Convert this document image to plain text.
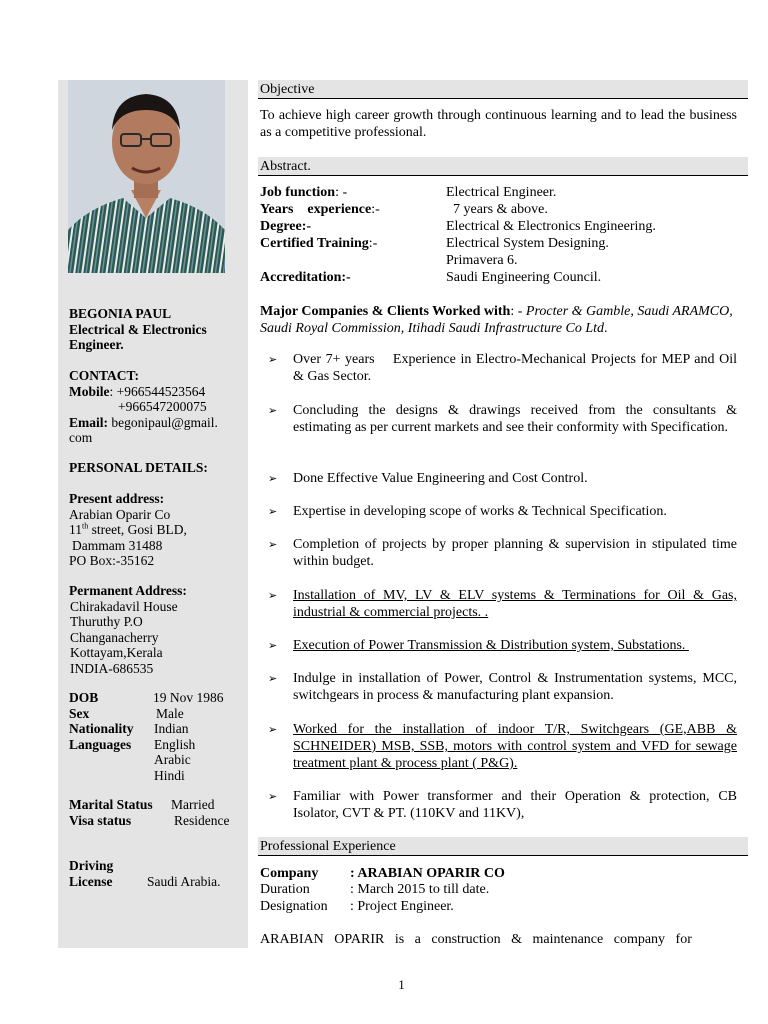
BEGONIA PAUL
Electrical & Electronics
Engineer.
CONTACT:
Mobile: +966544523564
+966547200075
Email: begonipaul@gmail.
com
PERSONAL DETAILS:
Present address:
Arabian Oparir Co
11th street, Gosi BLD,
Dammam 31488
PO Box:-35162
Permanent Address:
Chirakadavil House
Thuruthy P.O
Changanacherry
Kottayam,Kerala
INDIA-686535
DOB	19 Nov 1986
Sex	Male
Nationality Indian
Languages English
Arabic
Hindi
Marital Status Married
Visa status	Residence
Driving
License	Saudi Arabia.
Objective
To achieve high career growth through continuous learning and to lead the business as a competitive professional.
Abstract.
Job function: -	Electrical Engineer.
Years    experience:-	7 years & above.
Degree:-	Electrical & Electronics Engineering.
Certified Training:-	Electrical System Designing.
Primavera 6.
Accreditation:-	Saudi Engineering Council.
Major Companies & Clients Worked with: - Procter & Gamble, Saudi ARAMCO, Saudi Royal Commission, Itihadi Saudi Infrastructure Co Ltd.
➢ Over 7+ years    Experience in Electro-Mechanical Projects for MEP and Oil & Gas Sector.
➢ Concluding the designs & drawings received from the consultants & estimating as per current markets and see their conformity with Specification.
➢ Done Effective Value Engineering and Cost Control.
➢ Expertise in developing scope of works & Technical Specification.
➢ Completion of projects by proper planning & supervision in stipulated time within budget.
➢ Installation of MV, LV & ELV systems & Terminations for Oil & Gas, industrial & commercial projects. .
➢ Execution of Power Transmission & Distribution system, Substations.
➢ Indulge in installation of Power, Control & Instrumentation systems, MCC, switchgears in process & manufacturing plant expansion.
➢ Worked for the installation of indoor T/R, Switchgears (GE,ABB & SCHNEIDER) MSB, SSB, motors with control system and VFD for sewage treatment plant & process plant ( P&G).
➢ Familiar with Power transformer and their Operation & protection, CB Isolator, CVT & PT. (110KV and 11KV),
Professional Experience
Company : ARABIAN OPARIR CO
Duration	: March 2015 to till date.
Designation : Project Engineer.
ARABIAN   OPARIR   is   a   construction   &   maintenance   company   for
1
